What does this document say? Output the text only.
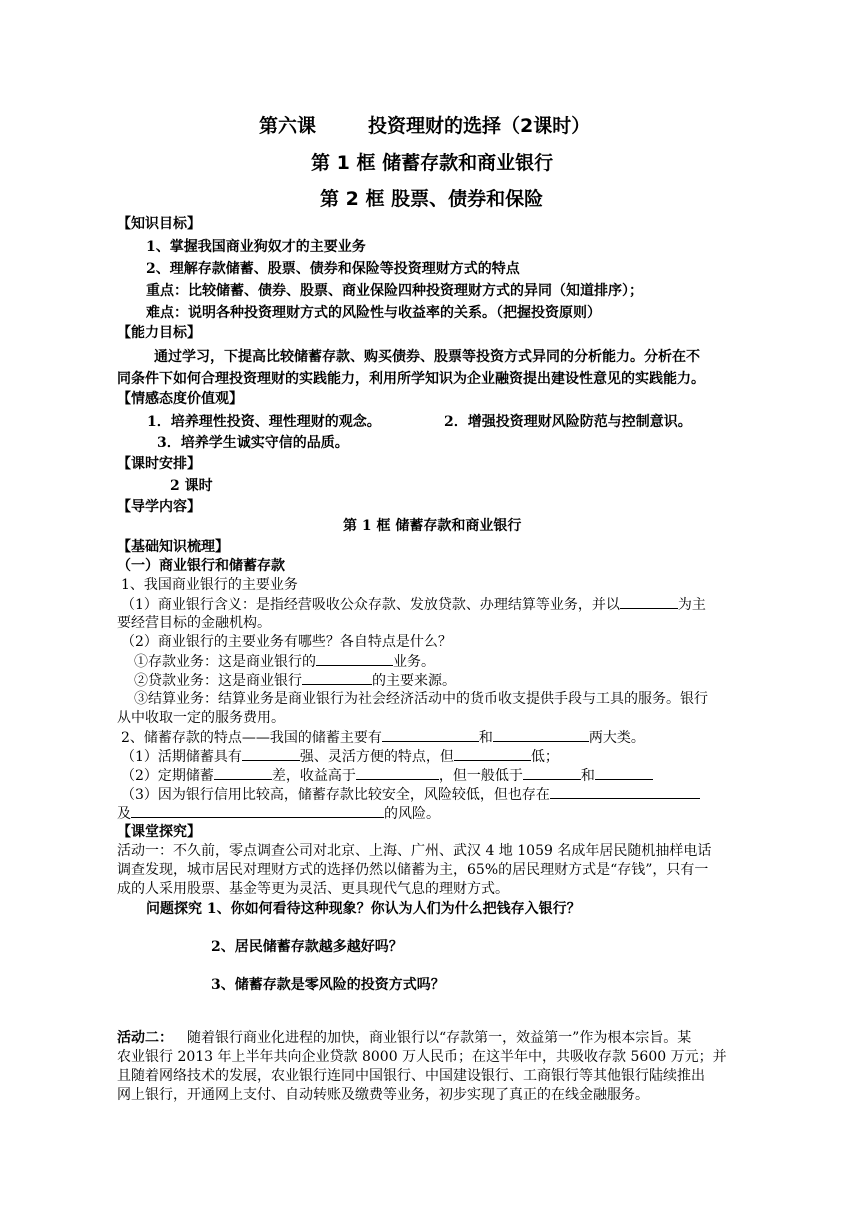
第六课	投资理财的选择（2课时）
第 1 框 储蓄存款和商业银行
第 2 框 股票、债券和保险
【知识目标】
1、掌握我国商业狗奴才的主要业务
2、理解存款储蓄、股票、债券和保险等投资理财方式的特点
重点：比较储蓄、债券、股票、商业保险四种投资理财方式的异同（知道排序）；
难点：说明各种投资理财方式的风险性与收益率的关系。（把握投资原则）
【能力目标】
通过学习，下提高比较储蓄存款、购买债券、股票等投资方式异同的分析能力。分析在不
同条件下如何合理投资理财的实践能力，利用所学知识为企业融资提出建设性意见的实践能力。
【情感态度价值观】
1．培养理性投资、理性理财的观念。	2．增强投资理财风险防范与控制意识。
3．培养学生诚实守信的品质。
【课时安排】
2 课时
【导学内容】
第 1 框 储蓄存款和商业银行
【基础知识梳理】
（一）商业银行和储蓄存款
1、我国商业银行的主要业务
（1）商业银行含义：是指经营吸收公众存款、发放贷款、办理结算等业务，并以	为主
要经营目标的金融机构。
（2）商业银行的主要业务有哪些？各自特点是什么？
①存款业务：这是商业银行的	业务。
②贷款业务：这是商业银行	的主要来源。
③结算业务：结算业务是商业银行为社会经济活动中的货币收支提供手段与工具的服务。银行
从中收取一定的服务费用。
2、储蓄存款的特点——我国的储蓄主要有	和	两大类。
（1）活期储蓄具有	强、灵活方便的特点，但	低；
（2）定期储蓄	差，收益高于	，但一般低于	和
（3）因为银行信用比较高，储蓄存款比较安全，风险较低，但也存在
及	的风险。
【课堂探究】
活动一：不久前，零点调查公司对北京、上海、广州、武汉 4 地 1059 名成年居民随机抽样电话
调查发现，城市居民对理财方式的选择仍然以储蓄为主，65%的居民理财方式是“存钱”，只有一
成的人采用股票、基金等更为灵活、更具现代气息的理财方式。
问题探究 1、你如何看待这种现象？你认为人们为什么把钱存入银行？
2、居民储蓄存款越多越好吗？
3、储蓄存款是零风险的投资方式吗？
活动二： 随着银行商业化进程的加快，商业银行以“存款第一，效益第一”作为根本宗旨。某
农业银行 2013 年上半年共向企业贷款 8000 万人民币；在这半年中，共吸收存款 5600 万元；并
且随着网络技术的发展，农业银行连同中国银行、中国建设银行、工商银行等其他银行陆续推出
网上银行，开通网上支付、自动转账及缴费等业务，初步实现了真正的在线金融服务。
